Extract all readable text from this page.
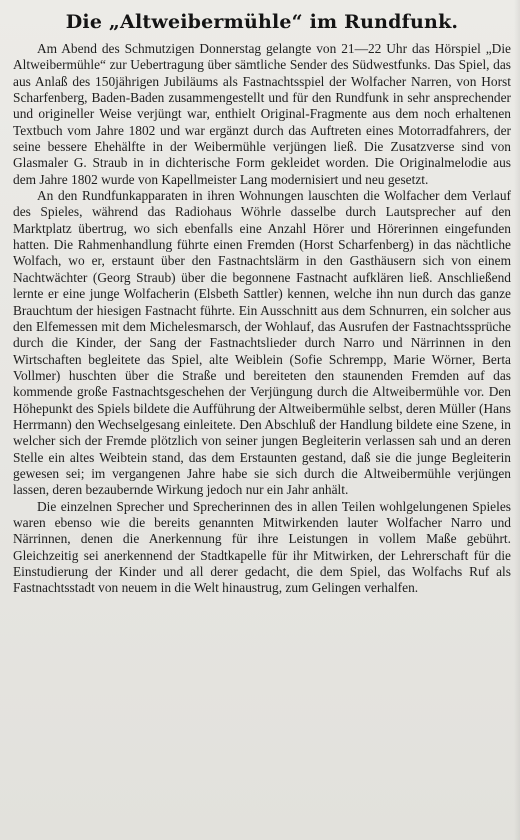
Die „Altweibermühle“ im Rundfunk.

Am Abend des Schmutzigen Donnerstag gelangte von 21—22 Uhr das Hörspiel „Die Altweibermühle“ zur Uebertragung über sämtliche Sender des Südwestfunks. Das Spiel, das aus Anlaß des 150jährigen Jubiläums als Fastnachtsspiel der Wolfacher Narren, von Horst Scharfenberg, Baden-Baden zusammengestellt und für den Rundfunk in sehr ansprechender und origineller Weise verjüngt war, enthielt Original-Fragmente aus dem noch erhaltenen Textbuch vom Jahre 1802 und war ergänzt durch das Auftreten eines Motorradfahrers, der seine bessere Ehehälfte in der Weibermühle verjüngen ließ. Die Zusatzverse sind von Glasmaler G. Straub in in dichterische Form gekleidet worden. Die Originalmelodie aus dem Jahre 1802 wurde von Kapellmeister Lang modernisiert und neu gesetzt.

An den Rundfunkapparaten in ihren Wohnungen lauschten die Wolfacher dem Verlauf des Spieles, während das Radiohaus Wöhrle dasselbe durch Lautsprecher auf den Marktplatz übertrug, wo sich ebenfalls eine Anzahl Hörer und Hörerinnen eingefunden hatten. Die Rahmenhandlung führte einen Fremden (Horst Scharfenberg) in das nächtliche Wolfach, wo er, erstaunt über den Fastnachtslärm in den Gasthäusern sich von einem Nachtwächter (Georg Straub) über die begonnene Fastnacht aufklären ließ. Anschließend lernte er eine junge Wolfacherin (Elsbeth Sattler) kennen, welche ihn nun durch das ganze Brauchtum der hiesigen Fastnacht führte. Ein Ausschnitt aus dem Schnurren, ein solcher aus den Elfemessen mit dem Michelesmarsch, der Wohlauf, das Ausrufen der Fastnachtssprüche durch die Kinder, der Sang der Fastnachtslieder durch Narro und Närrinnen in den Wirtschaften begleitete das Spiel, alte Weiblein (Sofie Schrempp, Marie Wörner, Berta Vollmer) huschten über die Straße und bereiteten den staunenden Fremden auf das kommende große Fastnachtsgeschehen der Verjüngung durch die Altweibermühle vor. Den Höhepunkt des Spiels bildete die Aufführung der Altweibermühle selbst, deren Müller (Hans Herrmann) den Wechselgesang einleitete. Den Abschluß der Handlung bildete eine Szene, in welcher sich der Fremde plötzlich von seiner jungen Begleiterin verlassen sah und an deren Stelle ein altes Weibtein stand, das dem Erstaunten gestand, daß sie die junge Begleiterin gewesen sei; im vergangenen Jahre habe sie sich durch die Altweibermühle verjüngen lassen, deren bezaubernde Wirkung jedoch nur ein Jahr anhält.

Die einzelnen Sprecher und Sprecherinnen des in allen Teilen wohlgelungenen Spieles waren ebenso wie die bereits genannten Mitwirkenden lauter Wolfacher Narro und Närrinnen, denen die Anerkennung für ihre Leistungen in vollem Maße gebührt. Gleichzeitig sei anerkennend der Stadtkapelle für ihr Mitwirken, der Lehrerschaft für die Einstudierung der Kinder und all derer gedacht, die dem Spiel, das Wolfachs Ruf als Fastnachtsstadt von neuem in die Welt hinaustrug, zum Gelingen verhalfen.
